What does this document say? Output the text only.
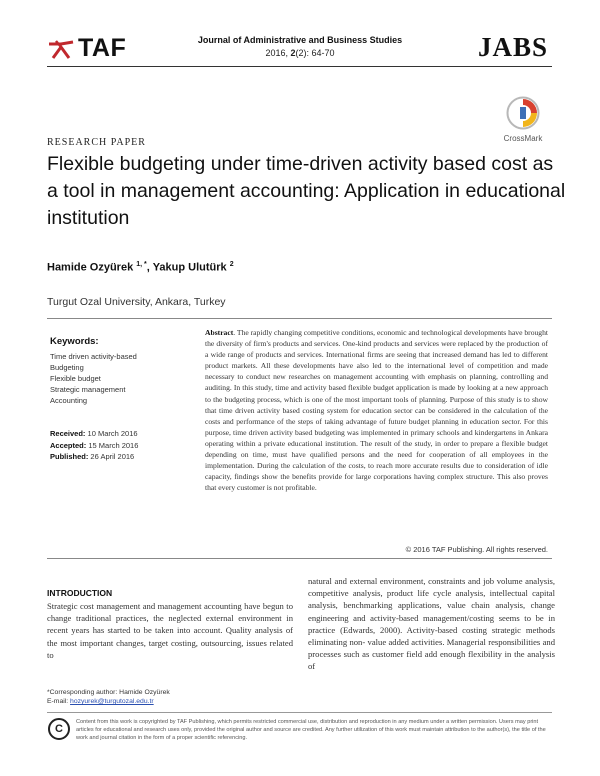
TAF	Journal of Administrative and Business Studies
2016, 2(2): 64-70	JABS
CrossMark
RESEARCH PAPER
Flexible budgeting under time-driven activity based cost as a tool in management accounting: Application in educational institution
Hamide Ozyürek $^{1, *}$, Yakup Ulutürk $^2$
Turgut Ozal University, Ankara, Turkey
Keywords:
Time driven activity-based
Budgeting
Flexible budget
Strategic management
Accounting
Received: 10 March 2016
Accepted: 15 March 2016
Published: 26 April 2016
Abstract. The rapidly changing competitive conditions, economic and technological developments have brought the diversity of firm's products and services. One-kind products and services were replaced by the production of a wide range of products and services. International firms are seeing that increased demand has led to different product markets. All these developments have also led to the international level of competition and made necessary to conduct new researches on management accounting with emphasis on planning, controlling and auditing. In this study, time and activity based flexible budget application is made by looking at a new approach to the budgeting process, which is one of the most important tools of planning. Purpose of this study is to show that time driven activity based costing system for education sector can be considered in the calculation of the costs and performance of the steps of taking advantage of future budget planning in education sector. For this purpose, time driven activity based budgeting was implemented in primary schools and kindergartens in Ankara operating within a private educational institution. The result of the study, in order to prepare a flexible budget depending on time, must have qualified persons and the need for cooperation of all employees in the implementation. During the calculation of the costs, to reach more accurate results due to consideration of idle capacity, findings show the benefits provide for large corporations having complex structure. This also proves that every customer is not profitable.
© 2016 TAF Publishing. All rights reserved.
INTRODUCTION
Strategic cost management and management accounting have begun to change traditional practices, the neglected external environment in recent years has started to be taken into account. Quality analysis of the most important changes, target costing, outsourcing, issues related to
natural and external environment, constraints and job volume analysis, competitive analysis, product life cycle analysis, intellectual capital analysis, benchmarking applications, value chain analysis, change engineering and activity-based management/costing seems to be in practice (Edwards, 2000). Activity-based costing strategic methods eliminating non- value added activities. Managerial responsibilities and processes such as customer field add enough flexibility in the analysis of
*Corresponding author: Hamide Ozyürek
E-mail: hozyurek@turgutozal.edu.tr
C
Content from this work is copyrighted by TAF Publishing, which permits restricted commercial use, distribution and reproduction in any medium under a written permission. Users may print articles for educational and research uses only, provided the original author and source are credited. Any further utilization of this work must maintain attribution to the author(s), the title of the work and journal citation in the form of a proper scientific referencing.
